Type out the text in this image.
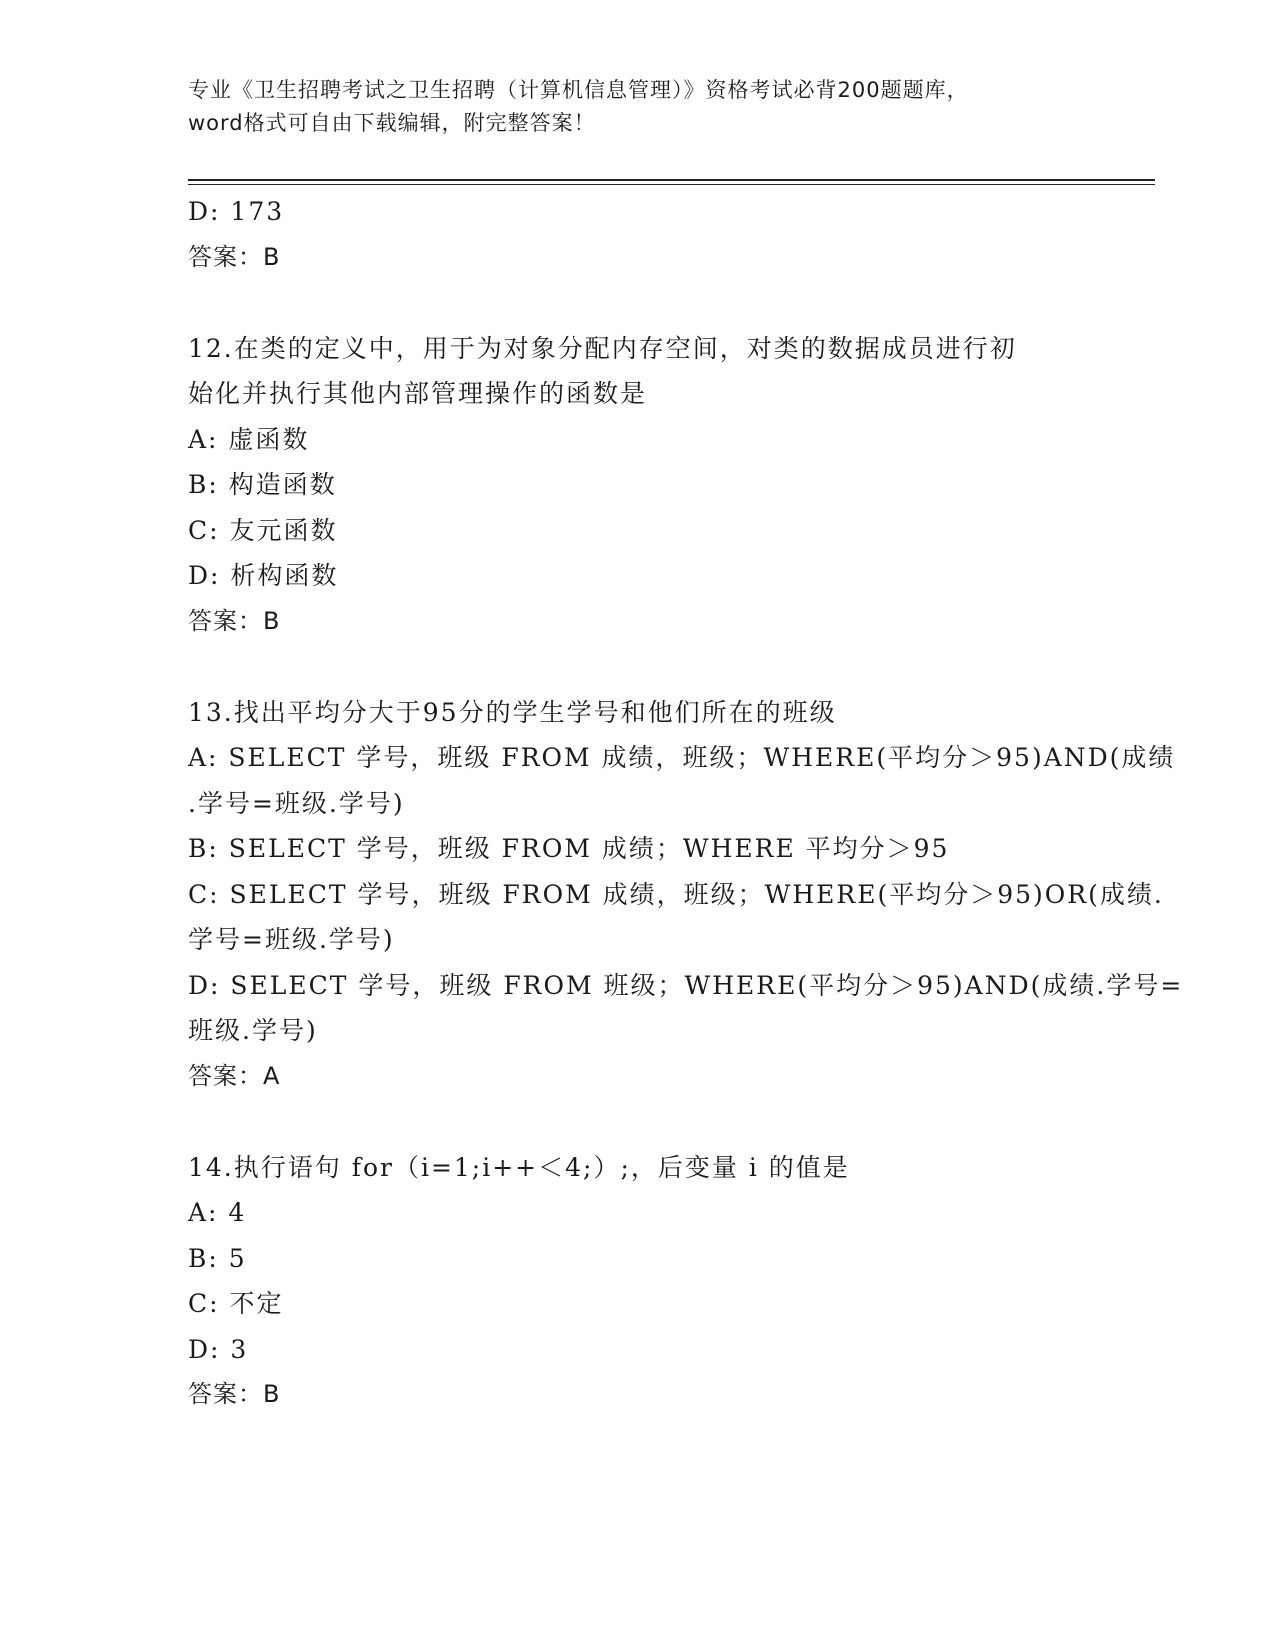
专业《卫生招聘考试之卫生招聘（计算机信息管理）》资格考试必背200题题库，

word格式可自由下载编辑，附完整答案！

D: 173

答案：B

12.在类的定义中，用于为对象分配内存空间，对类的数据成员进行初

始化并执行其他内部管理操作的函数是

A: 虚函数

B: 构造函数

C: 友元函数

D: 析构函数

答案：B

13.找出平均分大于95分的学生学号和他们所在的班级

A: SELECT 学号，班级 FROM 成绩，班级；WHERE(平均分＞95)AND(成绩

.学号=班级.学号)

B: SELECT 学号，班级 FROM 成绩；WHERE 平均分＞95

C: SELECT 学号，班级 FROM 成绩，班级；WHERE(平均分＞95)OR(成绩.

学号=班级.学号)

D: SELECT 学号，班级 FROM 班级；WHERE(平均分＞95)AND(成绩.学号=

班级.学号)

答案：A

14.执行语句 for（i=1;i++＜4;）;，后变量 i 的值是

A: 4

B: 5

C: 不定

D: 3

答案：B
